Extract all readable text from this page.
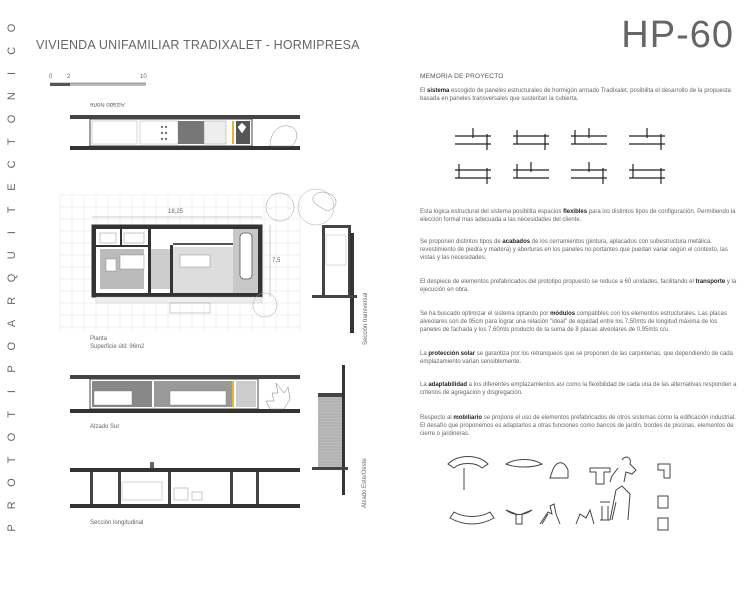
P
R
O
T
O
T
I
P
O
A
R
Q
U
I
T
E
C
T
O
N
I
C
O
VIVIENDA UNIFAMILIAR TRADIXALET - HORMIPRESA	HP-60
0 2	10
Alzado Norte
18,25
7,5
Planta
Superficie útil: 96m2
Sección transversal
Alzado Sur
Alzado Este/Oeste
Sección longitudinal
MEMORIA DE PROYECTO
El sistema escogido de paneles estructurales de hormigón armado Tradixalet, posibilita el desarrollo de la propuesta basada en paneles transversales que sustentan la cubierta.
Esta lógica estructural del sistema posibilita espacios flexibles para los distintos tipos de configuración. Permitiendo la elección formal mas adecuada a las necesidades del cliente.
Se proponen distintos tipos de acabados de los cerramientos (pintura, aplacados con subestructura metálica, revestimiento de piedra y madera) y aberturas en los paneles no portantes que puedan variar según el contexto, las vistas y las necesidades.
El despiece de elementos prefabricados del prototipo propuesto se reduce a 60 unidades, facilitando el transporte y la ejecución en obra.
Se ha buscado optimizar el sistema optando por módulos compatibles con los elementos estructurales. Las placas alveolares son de 95cm para lograr una relación "ideal" de equidad entre los 7,50mts de longitud máxima de los paneles de fachada y los 7,60mts producto de la suma de 8 placas alveolares de 0,95mts c/u.
La protección solar se garantiza por los retranqueos que se proponen de las carpinterías, que dependiendo de cada emplazamiento varían sensiblemente.
La adaptabilidad a los diferentes emplazamientos así como la flexibilidad de cada una de las alternativas responden a criterios de agregación y disgregación.
Respecto al mobiliario se propone el uso de elementos prefabricados de otros sistemas como la edificación industrial. El desafío que proponemos es adaptarlos a otras funciones como bancos de jardín, bordes de piscinas, elementos de cierre o jardineras.
